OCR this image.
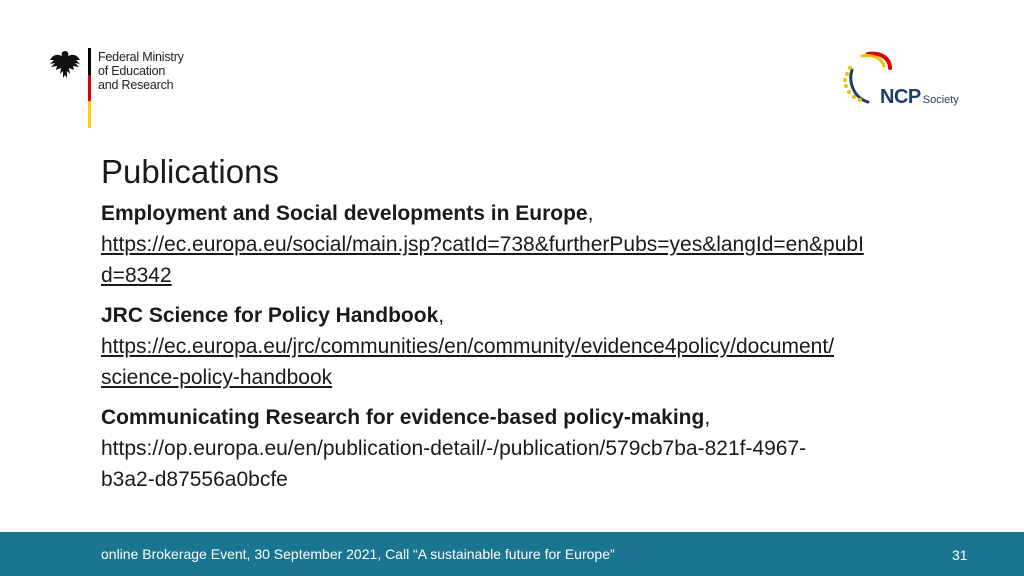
Federal Ministry
of Education
and Research
NCP Society
Publications
Employment and Social developments in Europe,
https://ec.europa.eu/social/main.jsp?catId=738&furtherPubs=yes&langId=en&pubI
d=8342
JRC Science for Policy Handbook,
https://ec.europa.eu/jrc/communities/en/community/evidence4policy/document/
science-policy-handbook
Communicating Research for evidence-based policy-making,
https://op.europa.eu/en/publication-detail/-/publication/579cb7ba-821f-4967-
b3a2-d87556a0bcfe
online Brokerage Event, 30 September 2021, Call “A sustainable future for Europe”	31
